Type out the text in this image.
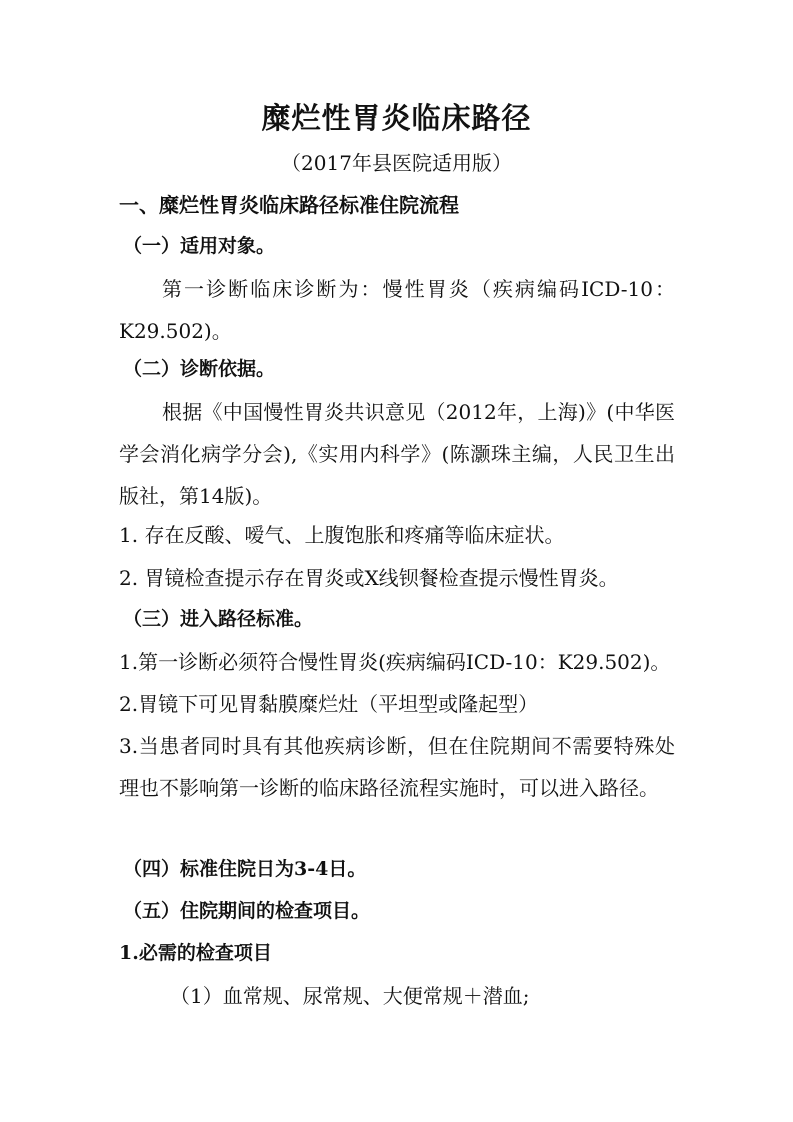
糜烂性胃炎临床路径
（2017年县医院适用版）
一、糜烂性胃炎临床路径标准住院流程
（一）适用对象。
第一诊断临床诊断为：慢性胃炎（疾病编码ICD-10：K29.502)。
（二）诊断依据。
根据《中国慢性胃炎共识意见（2012年，上海)》(中华医学会消化病学分会),《实用内科学》(陈灏珠主编，人民卫生出版社，第14版)。
1. 存在反酸、嗳气、上腹饱胀和疼痛等临床症状。
2. 胃镜检查提示存在胃炎或X线钡餐检查提示慢性胃炎。
（三）进入路径标准。
1.第一诊断必须符合慢性胃炎(疾病编码ICD-10：K29.502)。
2.胃镜下可见胃黏膜糜烂灶（平坦型或隆起型）
3.当患者同时具有其他疾病诊断，但在住院期间不需要特殊处理也不影响第一诊断的临床路径流程实施时，可以进入路径。
（四）标准住院日为3-4日。
（五）住院期间的检查项目。
1.必需的检查项目
（1）血常规、尿常规、大便常规＋潜血;
